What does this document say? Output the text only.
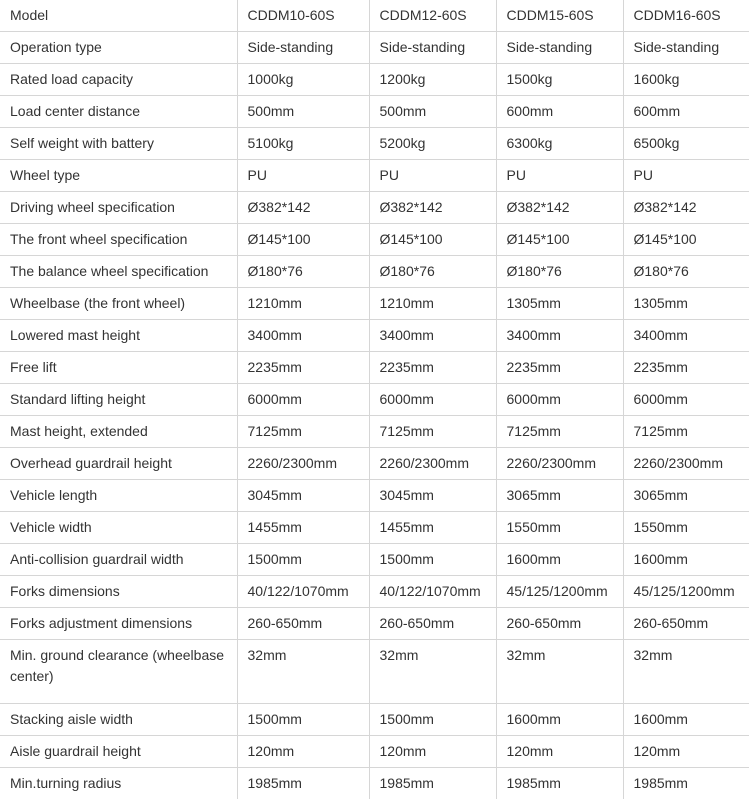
Model	CDDM10-60S	CDDM12-60S	CDDM15-60S	CDDM16-60S
Operation type	Side-standing	Side-standing	Side-standing	Side-standing
Rated load capacity	1000kg	1200kg	1500kg	1600kg
Load center distance	500mm	500mm	600mm	600mm
Self weight with battery	5100kg	5200kg	6300kg	6500kg
Wheel type	PU	PU	PU	PU
Driving wheel specification	Ø382*142	Ø382*142	Ø382*142	Ø382*142
The front wheel specification	Ø145*100	Ø145*100	Ø145*100	Ø145*100
The balance wheel specification	Ø180*76	Ø180*76	Ø180*76	Ø180*76
Wheelbase (the front wheel)	1210mm	1210mm	1305mm	1305mm
Lowered mast height	3400mm	3400mm	3400mm	3400mm
Free lift	2235mm	2235mm	2235mm	2235mm
Standard lifting height	6000mm	6000mm	6000mm	6000mm
Mast height, extended	7125mm	7125mm	7125mm	7125mm
Overhead guardrail height	2260/2300mm	2260/2300mm	2260/2300mm	2260/2300mm
Vehicle length	3045mm	3045mm	3065mm	3065mm
Vehicle width	1455mm	1455mm	1550mm	1550mm
Anti-collision guardrail width	1500mm	1500mm	1600mm	1600mm
Forks dimensions	40/122/1070mm	40/122/1070mm	45/125/1200mm	45/125/1200mm
Forks adjustment dimensions	260-650mm	260-650mm	260-650mm	260-650mm
Min. ground clearance (wheelbase center)	32mm	32mm	32mm	32mm
Stacking aisle width	1500mm	1500mm	1600mm	1600mm
Aisle guardrail height	120mm	120mm	120mm	120mm
Min.turning radius	1985mm	1985mm	1985mm	1985mm
